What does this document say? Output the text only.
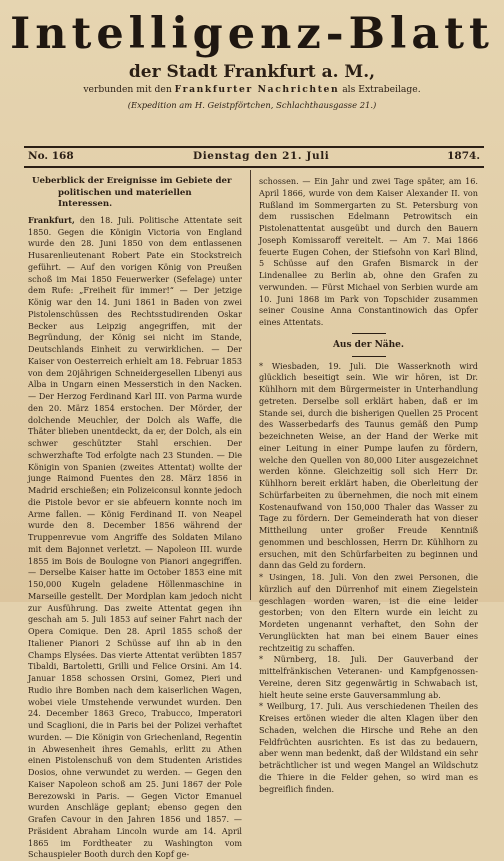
Intelligenz-Blatt
der Stadt Frankfurt a. M.,
verbunden mit den Frankfurter Nachrichten als Extrabeilage.
(Expedition am H. Geistpförtchen, Schlachthausgasse 21.)
No. 168	Dienstag den 21. Juli	1874.
Ueberblick der Ereignisse im Gebiete der
politischen und materiellen Interessen.

Frankfurt, den 18. Juli. Politische Attentate seit 1850. Gegen die Königin Victoria von England wurde den 28. Juni 1850 von dem entlassenen Husarenlieutenant Robert Pate ein Stockstreich geführt. — Auf den vorigen König von Preußen schoß im Mai 1850 Feuerwerker (Sefelage) unter dem Rufe: „Freiheit für immer!“ — Der jetzige König war den 14. Juni 1861 in Baden von zwei Pistolenschüssen des Rechtsstudirenden Oskar Becker aus Leipzig angegriffen, mit der Begründung, der König sei nicht im Stande, Deutschlands Einheit zu verwirklichen. — Der Kaiser von Oesterreich erhielt am 18. Februar 1853 von dem 20jährigen Schneidergesellen Libenyi aus Alba in Ungarn einen Messerstich in den Nacken. — Der Herzog Ferdinand Karl III. von Parma wurde den 20. März 1854 erstochen. Der Mörder, der dolchende Meuchler, der Dolch als Waffe, die Thäter blieben unentdeckt, da er, der Dolch, als ein schwer geschützter Stahl erschien. Der schwerzhafte Tod erfolgte nach 23 Stunden. — Die Königin von Spanien (zweites Attentat) wollte der junge Raimond Fuentes den 28. März 1856 in Madrid erschießen; ein Polizeiconsul konnte jedoch die Pistole bevor er sie abfeuern konnte noch im Arme fallen. — König Ferdinand II. von Neapel wurde den 8. December 1856 während der Truppenrevue vom Angriffe des Soldaten Milano mit dem Bajonnet verletzt. — Napoleon III. wurde 1855 im Bois de Boulogne von Pianori angegriffen. — Derselbe Kaiser hatte im October 1853 eine mit 150,000 Kugeln geladene Höllenmaschine in Marseille gestellt. Der Mordplan kam jedoch nicht zur Ausführung. Das zweite Attentat gegen ihn geschah am 5. Juli 1853 auf seiner Fahrt nach der Opera Comique. Den 28. April 1855 schoß der Italiener Pianori 2 Schüsse auf ihn ab in den Champs Elysées. Das vierte Attentat verübten 1857 Tibaldi, Bartoletti, Grilli und Felice Orsini. Am 14. Januar 1858 schossen Orsini, Gomez, Pieri und Rudio ihre Bomben nach dem kaiserlichen Wagen, wobei viele Umstehende verwundet wurden. Den 24. December 1863 Greco, Trabucco, Imperatori und Scaglioni, die in Paris bei der Polizei verhaftet wurden. — Die Königin von Griechenland, Regentin in Abwesenheit ihres Gemahls, erlitt zu Athen einen Pistolenschuß von dem Studenten Aristides Dosios, ohne verwundet zu werden. — Gegen den Kaiser Napoleon schoß am 25. Juni 1867 der Pole Berezowski in Paris. — Gegen Victor Emanuel wurden Anschläge geplant; ebenso gegen den Grafen Cavour in den Jahren 1856 und 1857. — Präsident Abraham Lincoln wurde am 14. April 1865 im Fordtheater zu Washington vom Schauspieler Booth durch den Kopf ge-

schossen. — Ein Jahr und zwei Tage später, am 16. April 1866, wurde von dem Kaiser Alexander II. von Rußland im Sommergarten zu St. Petersburg von dem russischen Edelmann Petrowitsch ein Pistolenattentat ausgeübt und durch den Bauern Joseph Komissaroff vereitelt. — Am 7. Mai 1866 feuerte Eugen Cohen, der Stiefsohn von Karl Blind, 5 Schüsse auf den Grafen Bismarck in der Lindenallee zu Berlin ab, ohne den Grafen zu verwunden. — Fürst Michael von Serbien wurde am 10. Juni 1868 im Park von Topschider zusammen seiner Cousine Anna Constantinowich das Opfer eines Attentats.

Aus der Nähe.

* Wiesbaden, 19. Juli. Die Wasserknoth wird glücklich beseitigt sein. Wie wir hören, ist Dr. Kühlhorn mit dem Bürgermeister in Unterhandlung getreten. Derselbe soll erklärt haben, daß er im Stande sei, durch die bisherigen Quellen 25 Procent des Wasserbedarfs des Taunus gemäß den Pump bezeichneten Weise, an der Hand der Werke mit einer Leitung in einer Pumpe laufen zu fördern, welche den Quellen von 80,000 Liter ausgezeichnet werden könne. Gleichzeitig soll sich Herr Dr. Kühlhorn bereit erklärt haben, die Oberleitung der Schürfarbeiten zu übernehmen, die noch mit einem Kostenaufwand von 150,000 Thaler das Wasser zu Tage zu fördern. Der Gemeinderath hat von dieser Mittheilung unter großer Freude Kenntniß genommen und beschlossen, Herrn Dr. Kühlhorn zu ersuchen, mit den Schürfarbeiten zu beginnen und dann das Geld zu fordern.

* Usingen, 18. Juli. Von den zwei Personen, die kürzlich auf den Dürrenhof mit einem Ziegelstein geschlagen worden waren, ist die eine leider gestorben; von den Eltern wurde ein leicht zu Mordeten ungenannt verhaftet, den Sohn der Verunglückten hat man bei einem Bauer eines rechtzeitig zu schaffen.

* Nürnberg, 18. Juli. Der Gauverband der mittelfränkischen Veteranen- und Kampfgenossen-Vereine, deren Sitz gegenwärtig in Schwabach ist, hielt heute seine erste Gauversammlung ab.

* Weilburg, 17. Juli. Aus verschiedenen Theilen des Kreises ertönen wieder die alten Klagen über den Schaden, welchen die Hirsche und Rehe an den Feldfrüchten ausrichten. Es ist das zu bedauern, aber wenn man bedenkt, daß der Wildstand ein sehr beträchtlicher ist und wegen Mangel an Wildschutz die Thiere in die Felder gehen, so wird man es begreiflich finden.
